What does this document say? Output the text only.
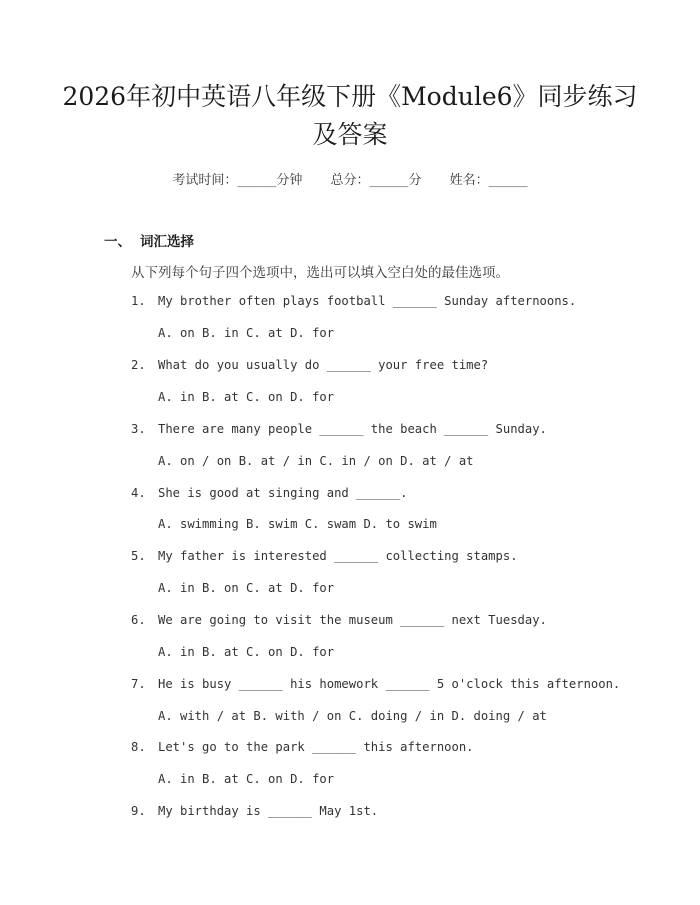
2026年初中英语八年级下册《Module6》同步练习及答案
考试时间：______分钟 总分：______分 姓名：______
一、 词汇选择
从下列每个句子四个选项中，选出可以填入空白处的最佳选项。
1. My brother often plays football ______ Sunday afternoons.
A. on B. in C. at D. for
2. What do you usually do ______ your free time?
A. in B. at C. on D. for
3. There are many people ______ the beach ______ Sunday.
A. on / on B. at / in C. in / on D. at / at
4. She is good at singing and ______.
A. swimming B. swim C. swam D. to swim
5. My father is interested ______ collecting stamps.
A. in B. on C. at D. for
6. We are going to visit the museum ______ next Tuesday.
A. in B. at C. on D. for
7. He is busy ______ his homework ______ 5 o'clock this afternoon.
A. with / at B. with / on C. doing / in D. doing / at
8. Let's go to the park ______ this afternoon.
A. in B. at C. on D. for
9. My birthday is ______ May 1st.
